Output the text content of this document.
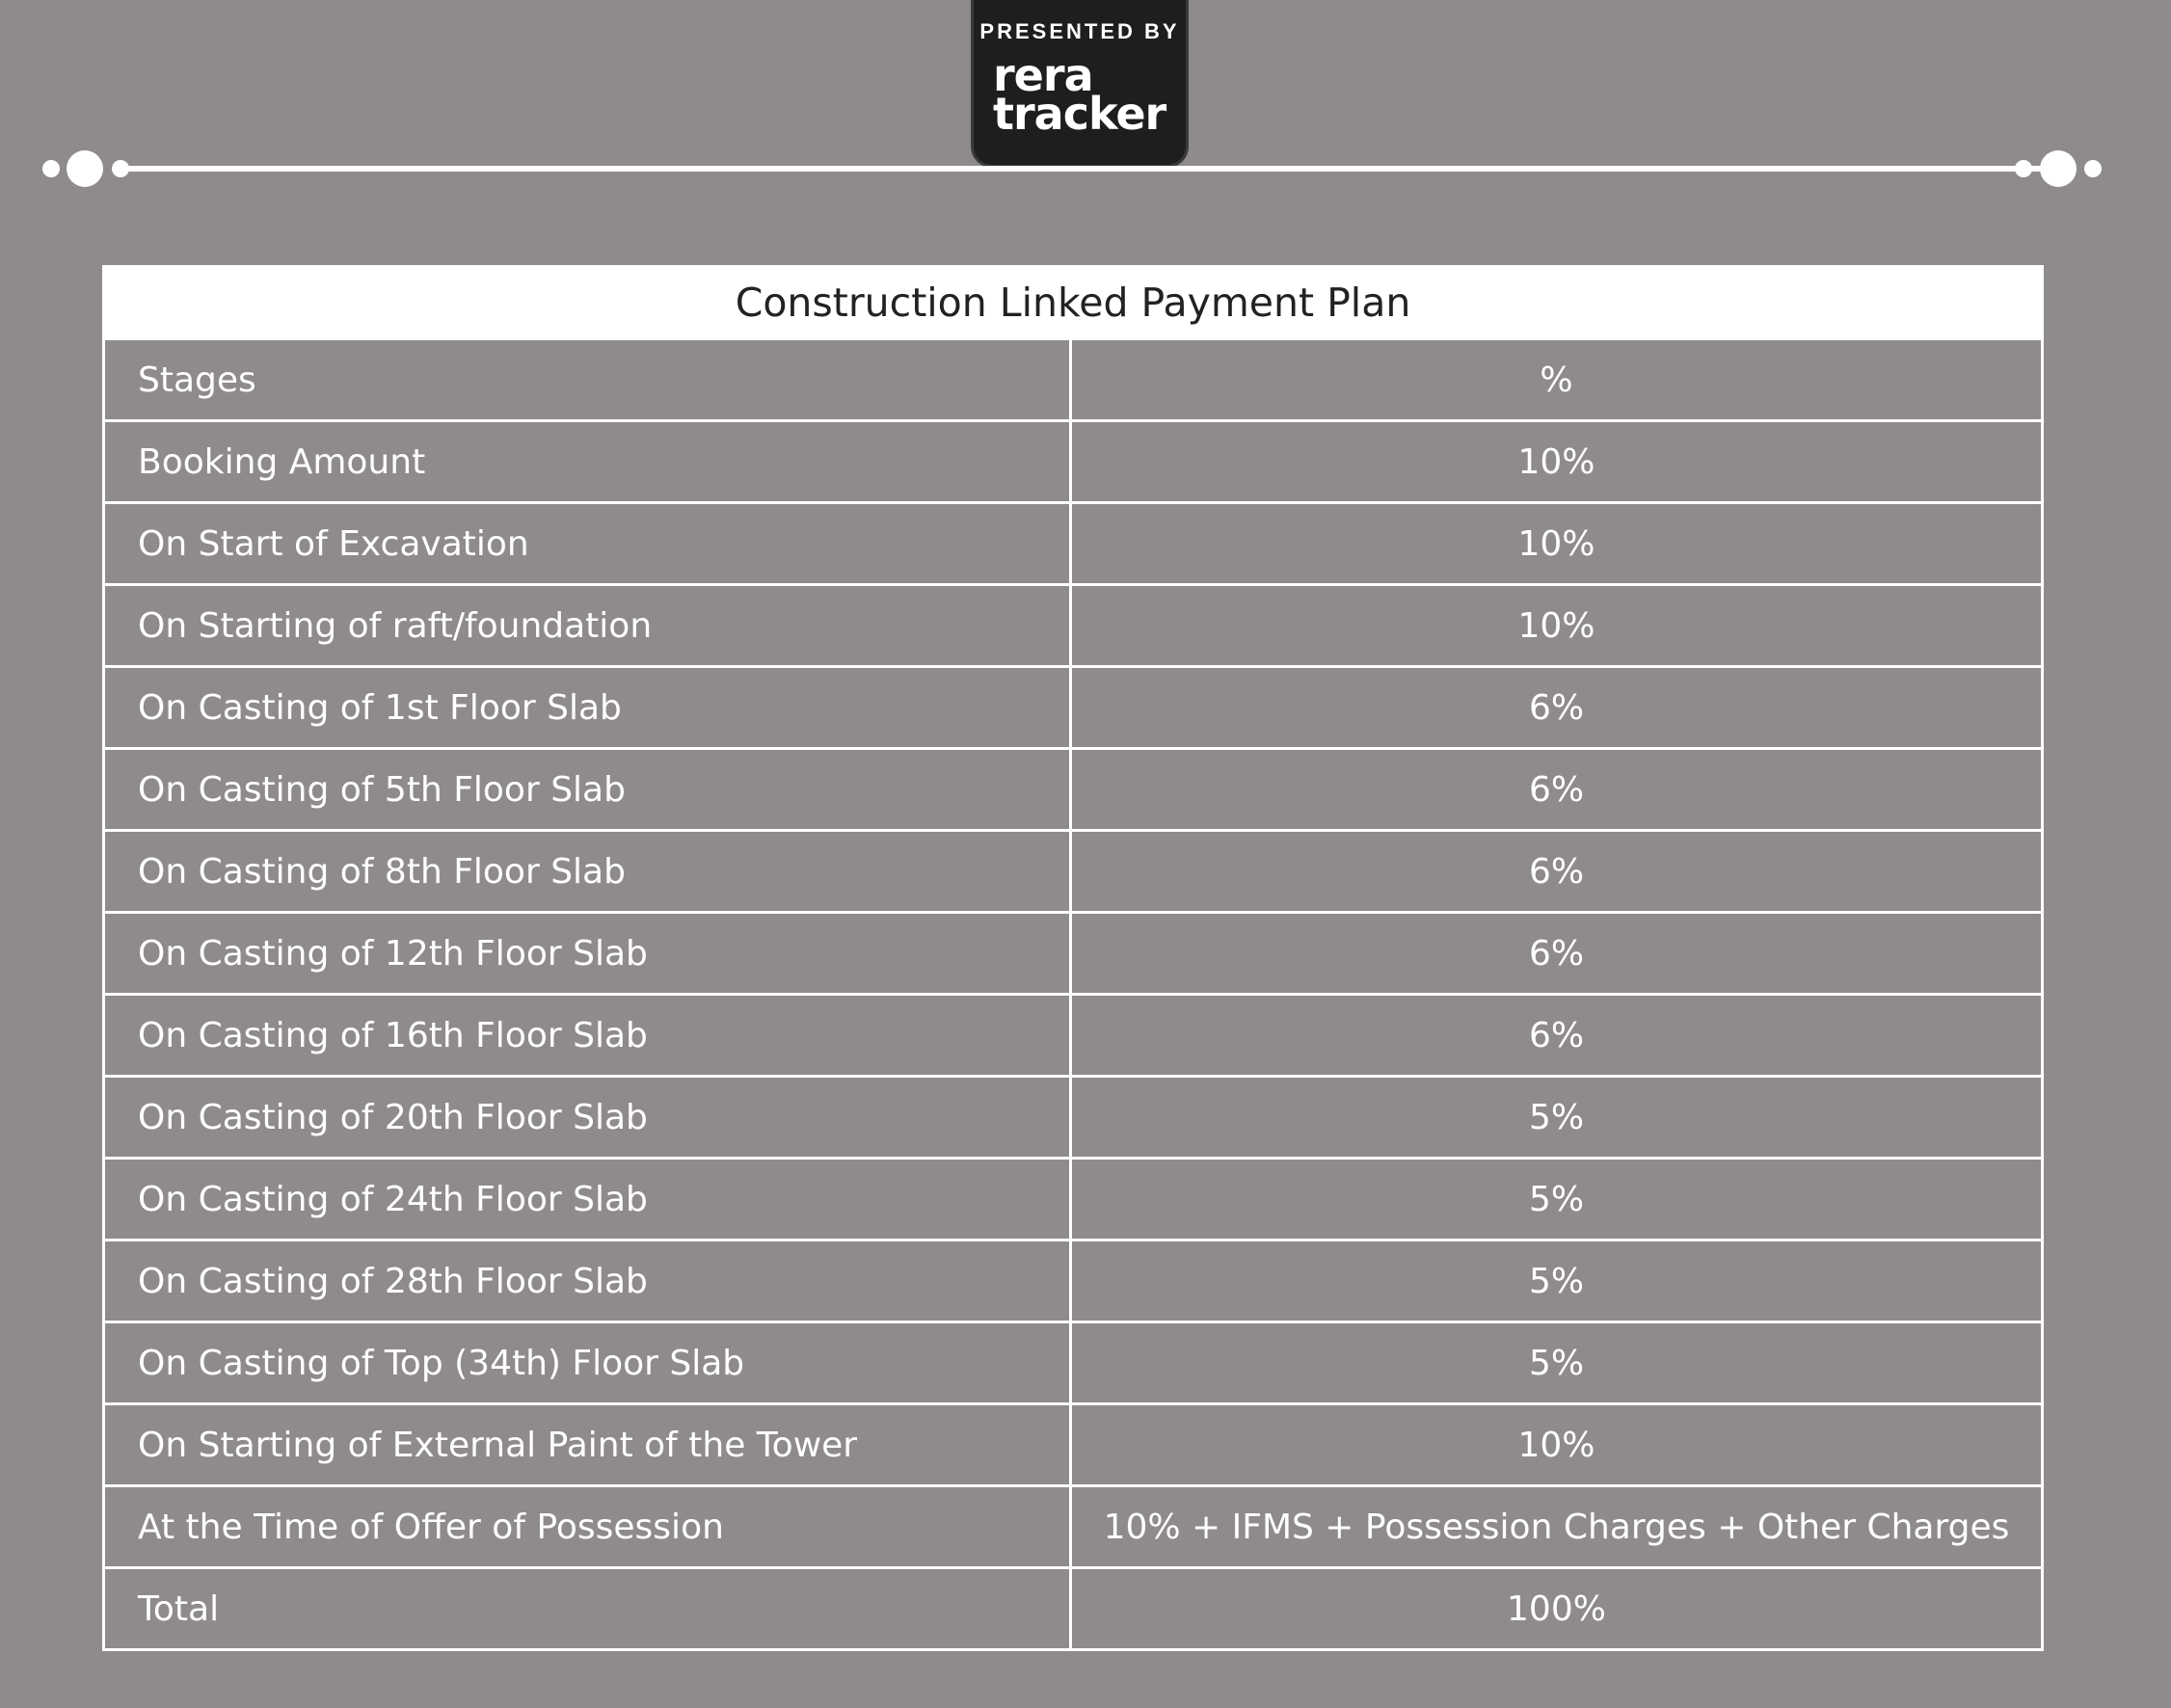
PRESENTED BY
rera
tracker
Construction Linked Payment Plan
Stages	%
Booking Amount	10%
On Start of Excavation	10%
On Starting of raft/foundation	10%
On Casting of 1st Floor Slab	6%
On Casting of 5th Floor Slab	6%
On Casting of 8th Floor Slab	6%
On Casting of 12th Floor Slab	6%
On Casting of 16th Floor Slab	6%
On Casting of 20th Floor Slab	5%
On Casting of 24th Floor Slab	5%
On Casting of 28th Floor Slab	5%
On Casting of Top (34th) Floor Slab	5%
On Starting of External Paint of the Tower	10%
At the Time of Offer of Possession	10% + IFMS + Possession Charges + Other Charges
Total	100%
